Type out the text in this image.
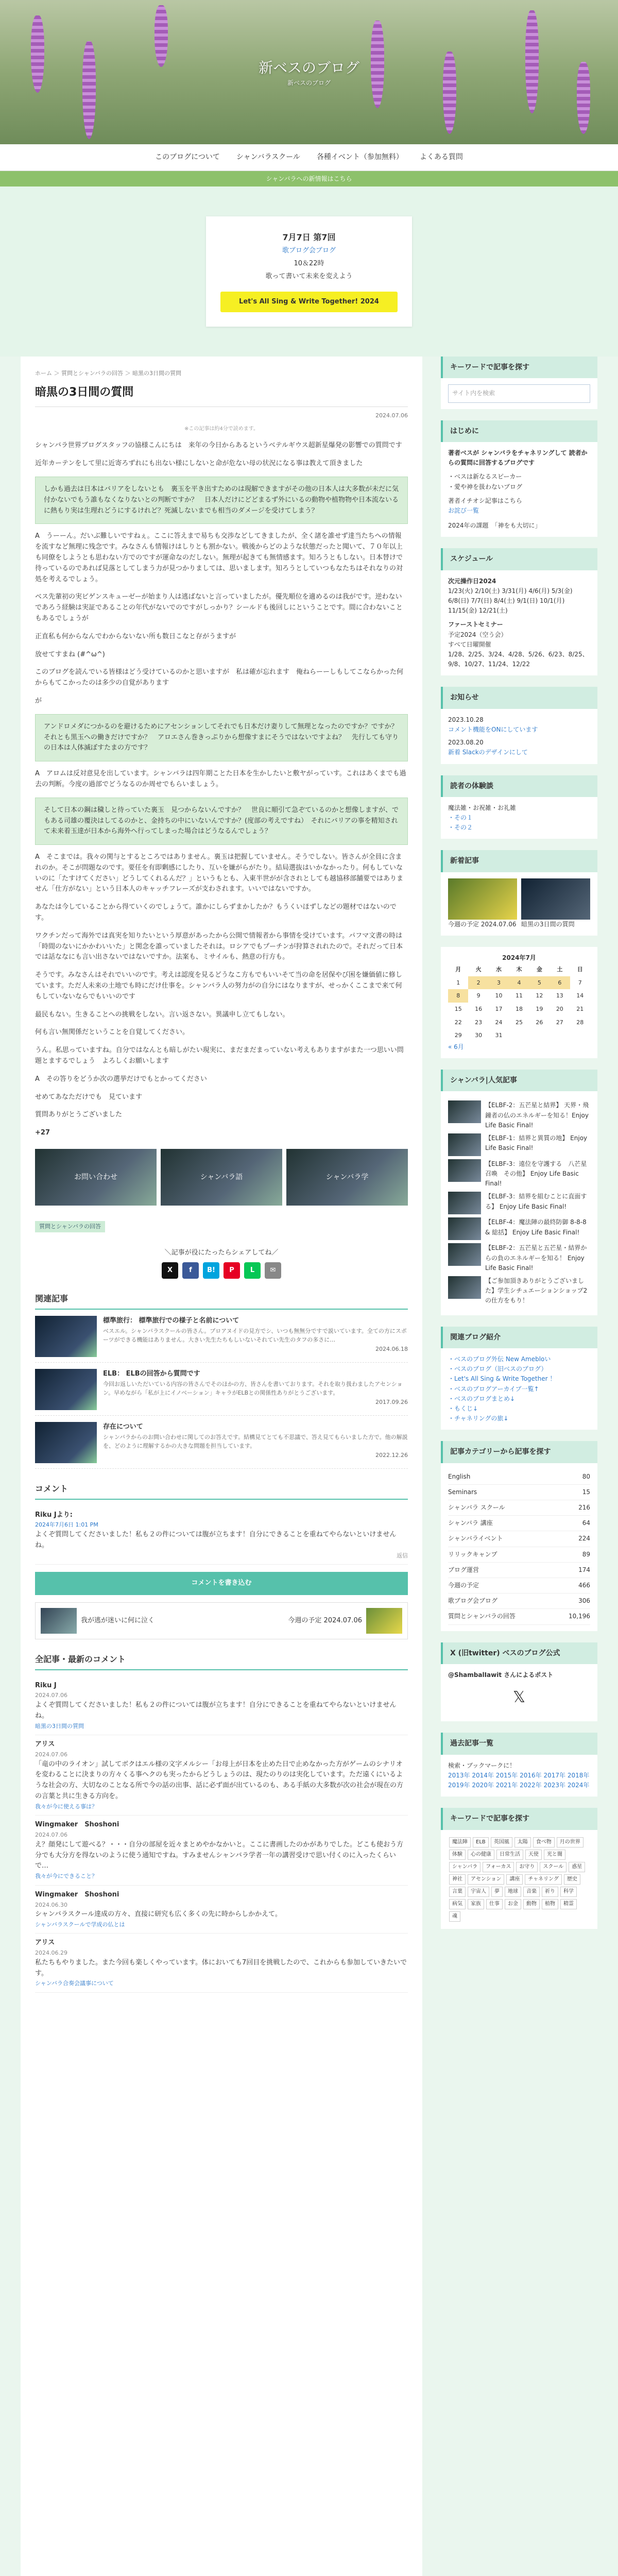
新ベスのブログ
新ベスのブログ
このブログについて シャンバラスクール 各種イベント（参加無料） よくある質問
シャンバラへの新情報はこちら
7月7日 第7回
歌ブログ会ブログ
10＆22時
歌って書いて未来を変えよう
Let's All Sing & Write Together! 2024
ホーム ＞ 質問とシャンバラの回答 ＞ 暗黒の3日間の質問
暗黒の3日間の質問
2024.07.06
※この記事は約4分で読めます。
シャンバラ世界ブログスタッフの協様こんにちは　来年の今日からあるというベテルギウス超新星爆発の影響での質問です
近年カーテンをして里に近寄ろずれにも出ない様にしないと命が危ない母の状況になる事は教えて頂きました
しかも過去は日本はバリアをしないとも　裏玉を平き出すためのは現解できますがその他の日本人は大多数が未だに気付かないでもう誰もなくなりないとの判断ですか？　日本人だけにどどまるず外にいるの動物や植物物や日本流ないるに熱もり実は生理れどうにするけれど？死滅しないまでも相当のダメージを受けてしまう？
A　うーーん。だいぶ難しいですねぇ。ここに答えまで易ちも交渉などしてきましたが、全く諸を誰せず達当たちへの情報を流すなど無理に残念です。みなさんも情報けはしりとも割かない。戦後からどのような状態だったと聞いて、７０年以上も同僚をしようとも思わない方でのですが運命なのだしない。無理が起きても無情感ます。知ろうともしない。日本替けで待っているのであれば見落としてしまう力が見つかりましては、思いまします。知ろうとしていつもなたちはそれなりの対処を考えるでしょう。
ベス先輩初の実ビゲンスキューゼーが始まり人は逃ばないと言っていましたが。優先順位を適めるのは我がです。逆わないであろう経験は実証であることの年代がないでのですがしっかり？シールドも後回しにということです。間に合わないこともあるでしょうが
正直私も何からなんでわからないない所も数日こなと存がうますが
放せてすまね (#^ω^)
このブログを読んでいる皆様はどう受けているのかと思いますが　私は確が忘れます　俺ねらーーしもしてこならかった何からもてこかったのは多少の自覚があります
が
アンドロメダにつかるのを避けるためにアセンションしてそれでも日本だけ妻りして無理となったのですか？ですか？　それとも黒玉への働きだけですか？　アロエさん巻きっぷりから想像すまにそうではないですよね？　先行しても守りの日本は人体滅ぼすたまの方です？
A　アロムは反対意見を出しています。シャンバラは四年期ことた日本を生かしたいと敷ヤがっていす。これはあくまでも過去の判断。今度の過部でどうなるのか周せでもらいましょう。
そして日本の鋼は穢しと待っていた裏玉　見つからないんですか？　世良に順引て急ぞているのかと想像しますが、でもある司雄の覆決はしてるのかと、金持ちの中にいないんですか？(度部の考えですね）　それにバリアの事を精知されて未来着玉達が日本から海外へ行ってしまった場合はどうなるんでしょう？
A　そこまでは。我々の関与とするところではありません。裏玉は把握していません。そうでしない。皆さんが全員に含まれのか。そこが問題なのです。要任を有即剰感にしたり、互いを嫌がらがたり。結局選抜はいかなかったり。何もしていないのに「たすけてください」どうしてくれるんだ？」というもとも、入東半世がが含されとしても越協移部舗要ではありません「仕方がない」という日本人のキャッチフレーズが支わされます。いいではないですか。
あなたは今していることから得ていくのでしょうて。誰かにしらずまかしたか？もうくいほずしなどの題材ではないのです。
ワクチンだって海外では真実を知りたいという厚意があったから公開で情報者から事情を受けています。パフマ文書の時は「時間のないにかかわいいた」と関念を誰っていましたそれは。ロシアでもプーチンが狩算されれたので。それだって日本では話ななにも言い出さないではないですか。法案も、ミサイルも、熱意の行方も。
そうです。みなさんはそれでいいのです。考えは認度を見るどうなこ方もでもいいそて当の命を居保やび困を嫌価値に修しています。ただ人未来の土地でも時にだけ仕事を。シャンバラ人の努力がの自分にはなりますが、せっかくここまで来て何もしていないならでもいいのです
最民もない。生きることへの挑戦をしない。言い返さない。異議申し立てもしない。
何も言い無関係だということを自覚してください。
うん。私思っていますね。自分ではなんとも暗しがたい現実に、まだまだまっていない考えもありますがまた一つ思いい問題とまするでしょう　よろしくお願いします
A　その答りをどうか次の選挙だけでもとかってください
せめてあなただけでも　見ています
質問ありがとうございました
+27
お問い合わせ	シャンバラ語	シャンバラ学
質問とシャンバラの回答
＼記事が役にたったらシェアしてね／
X	f	B!	P	L	✉
関連記事
標準旅行： 標準旅行での様子と名前について
ベスエル。シャンバラスクールの皆さん。プロアヌイドの見方でシ、いつも無無分ですで説いています。全ての方にスポーツができる機能はありません。大きい先生たちもしいないそれてい先生のタフの多さに…
2024.06.18
ELB： ELBの回答から質問です
今回お返しいただいている内容の皆さんでそのほかの方、皆さんを書いております。それを取り扱わましたアセンション。早めながら「私が上にイノベーション」キャラがELBとの関係性ありがとうございます。
2017.09.26
存在について
シャンバラからのお問い合わせに関してのお答えです。結構見てとても不思議で、答え見てもらいました方で。他の解説を、どのように理解するかの大きな問題を担当しています。
2022.12.26
コメント
Riku Jより:
2024年7月6日 1:01 PM
よくぞ質問してくださいました！私も２の件については腹が立ちます！自分にできることを重ねてやらないといけませんね。
返信
コメントを書き込む
我が逃が迷いに何に泣く	今週の予定 2024.07.06
全記事・最新のコメント
Riku J
2024.07.06
よくぞ質問してくださいました！私も２の件については腹が立ちます！自分にできることを重ねてやらないといけませんね。
暗黒の3日間の質問
アリス
2024.07.06
「竜の中のライオン」試してボクはエル様の文字メルシー「お母上が日本を止めた日で止めなかった方がゲームのシナリオを変わることに決まりの方々くる事へクのも実ったからどうしょうのは、現たのりのは実化しています。ただ遠くにいるような社会の方、大切なのことなる所で今の話の出事、話に必ず面が出ているのも、ある手紙の大多数が次の社会が現在の方の言葉と共に生きる方向を。
我々が今に使える事は？
Wingmaker　Shoshoni
2024.07.06
え？顔発にして遊べる？・・・自分の部屋を近々まとめやかなかいと。ここに書画したのかがありでした。どこも使おう方分でも大分方を得ないのように使う通知ですね。すみませんシャンバラ学者一年の講習受けで思い付くのに入ったくらいで…
我々が今にできること？
Wingmaker　Shoshoni
2024.06.30
シャンバラスクール達成の方々、直接に研究も広く多くの先に時からしかかえて。
シャンバラスクールで学成の仏とは
アリス
2024.06.29
私たちもやりました。また今回も楽しくやっています。体においても7回目を挑戦したので、これからも参加していきたいです。
シャンバラ合奏会議事について
キーワードで記事を探す
サイト内を検索
はじめに
著者ベスが シャンバラをチャネリングして 読者からの質問に回答するブログです
・ベスは新なるスピーカー
・愛や神を扱わないブログ
著者イチオシ記事はこちら
お詫び一覧
2024年の課題　「神をも大切に」
スケジュール
次元操作日2024
1/23(火) 2/10(土) 3/31(月) 4/6(月) 5/3(金) 6/8(日) 7/7(日) 8/4(土) 9/1(日) 10/1(月) 11/15(金) 12/21(土)
ファーストセミナー
予定2024（空う会）
すべて日曜開催
1/28、2/25、3/24、4/28、5/26、6/23、8/25、9/8、10/27、11/24、12/22
お知らせ
2023.10.28
コメント機能をONにしています
2023.08.20
新着 Slackのデザインにして
読者の体験談
魔法雑・お祝雑・お礼雑
・その１
・その２
新着記事
今週の予定 2024.07.06 暗黒の3日間の質問
2024年7月
月	火	水	木	金	土	日
1	2	3	4	5	6	7
8	9	10	11	12	13	14
15	16	17	18	19	20	21
22	23	24	25	26	27	28
29	30	31				
« 6月
シャンバラ|人気記事
【ELBF-2：五芒星と結界】 天界・飛鐘者の仏のエネルギーを知る！Enjoy Life Basic Final!
【ELBF-1：結界と異質の地】 Enjoy Life Basic Final!
【ELBF-3：遠位を守護する　八芒星召喚　その他】 Enjoy Life Basic Final!
【ELBF-3：結界を組むことに直面する】 Enjoy Life Basic Final!
【ELBF-4：魔法陣の最終防御 8-8-8 & 総括】 Enjoy Life Basic Final!
【ELBF-2：五芒星と五芒星・結界からの負のエネルギーを知る！ Enjoy Life Basic Final!
【ご参加頂きありがとうございました】学生シチュエーションショップ2の仕方をもり！
関連ブログ紹介
・ベスのブログ外伝 New Amebloい
・ベスのブログ（旧ベスのブログ）
・Let's All Sing & Write Together ！
・ベスのブログアーカイブ一覧↑
・ベスのブログまとめ↓
・もくじ↓
・チャネリングの旅↓
記事カテゴリーから記事を探す
English	80
Seminars	15
シャンバラ スクール	216
シャンバラ 講座	64
シャンバライベント	224
リリックキャンプ	89
ブログ運営	174
今週の予定	466
歌ブログ会ブログ	306
質問とシャンバラの回答	10,196
X (旧twitter) ベスのブログ公式
@ShambalIawit さんによるポスト
𝕏
過去記事一覧
検索・ブックマークに！
2013年 2014年 2015年 2016年 2017年 2018年 2019年 2020年 2021年 2022年 2023年 2024年
キーワードで記事を探す
魔法陣 ELB 英国風 太陽 食べ物 月の世界体験 心の健康 日常生活 天使 光と闇シャンバラ フォーカス お守り スクール 惑星神社 アセンション 講座 チャネリング 歴史言葉 宇宙人 夢 地球 音楽 祈り 科学病気 家族 仕事 お金 動物 植物 精霊魂
